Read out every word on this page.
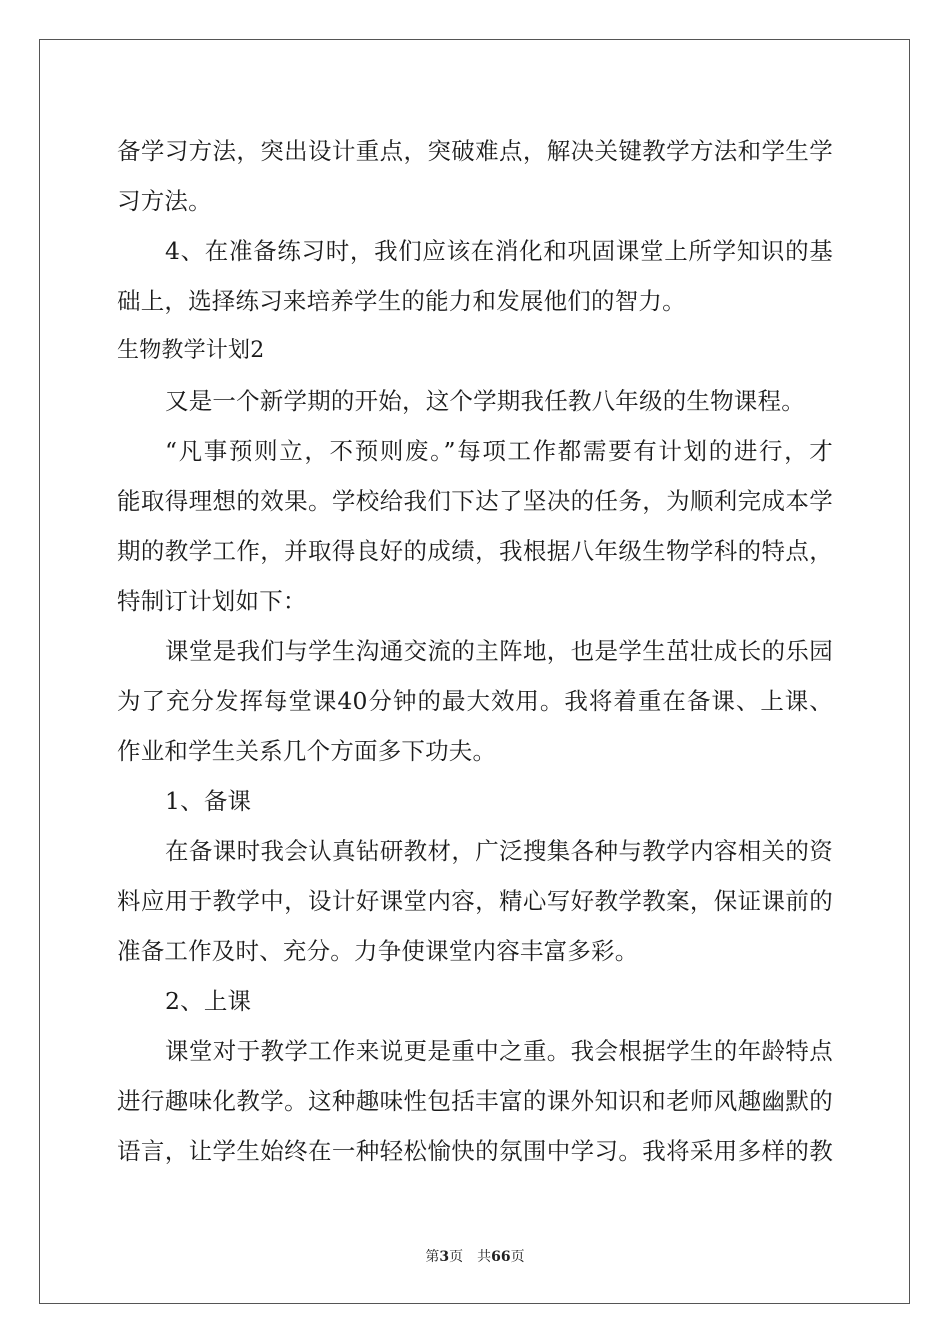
备学习方法，突出设计重点，突破难点，解决关键教学方法和学生学
习方法。
4、在准备练习时，我们应该在消化和巩固课堂上所学知识的基
础上，选择练习来培养学生的能力和发展他们的智力。
生物教学计划2
又是一个新学期的开始，这个学期我任教八年级的生物课程。
“凡事预则立，不预则废。”每项工作都需要有计划的进行，才
能取得理想的效果。学校给我们下达了坚决的任务，为顺利完成本学
期的教学工作，并取得良好的成绩，我根据八年级生物学科的特点，
特制订计划如下：
课堂是我们与学生沟通交流的主阵地，也是学生茁壮成长的乐园
为了充分发挥每堂课40分钟的最大效用。我将着重在备课、上课、
作业和学生关系几个方面多下功夫。
1、备课
在备课时我会认真钻研教材，广泛搜集各种与教学内容相关的资
料应用于教学中，设计好课堂内容，精心写好教学教案，保证课前的
准备工作及时、充分。力争使课堂内容丰富多彩。
2、上课
课堂对于教学工作来说更是重中之重。我会根据学生的年龄特点
进行趣味化教学。这种趣味性包括丰富的课外知识和老师风趣幽默的
语言，让学生始终在一种轻松愉快的氛围中学习。我将采用多样的教
第3页 共66页
